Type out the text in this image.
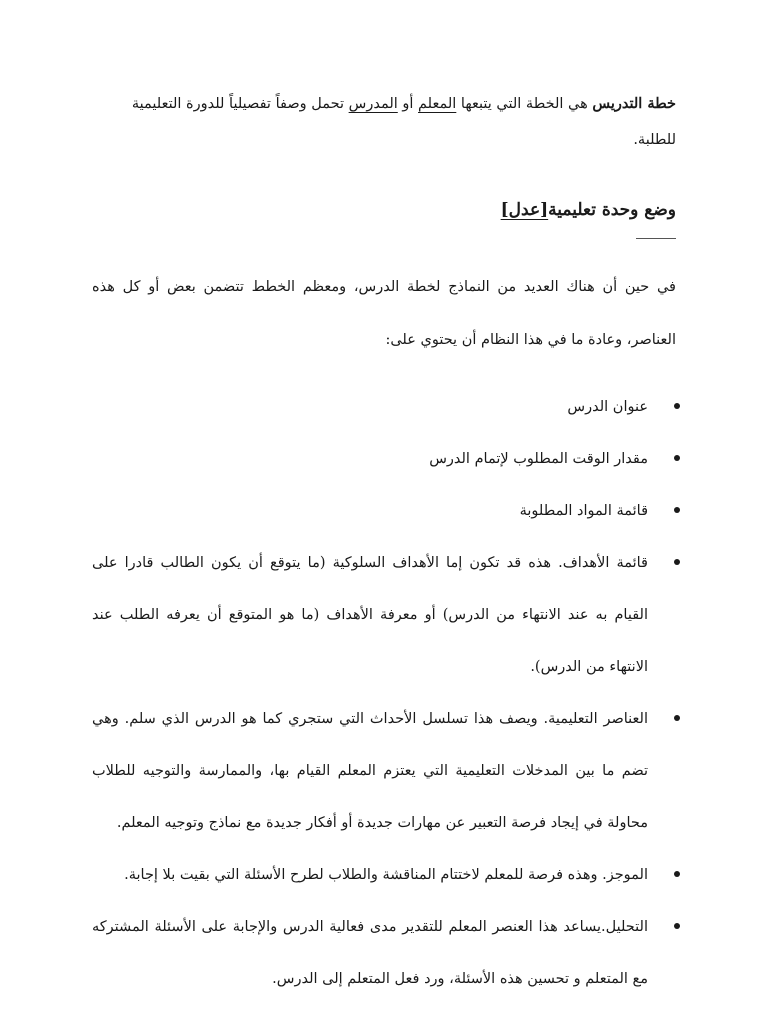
خطة التدريس هي الخطة التي يتبعها المعلم أو المدرس تحمل وصفاً تفصيلياً للدورة التعليمية للطلبة.

وضع وحدة تعليمية[عدل]
في حين أن هناك العديد من النماذج لخطة الدرس، ومعظم الخطط تتضمن بعض أو كل هذه العناصر، وعادة ما في هذا النظام أن يحتوي على:
عنوان الدرس
مقدار الوقت المطلوب لإتمام الدرس
قائمة المواد المطلوبة
قائمة الأهداف. هذه قد تكون إما الأهداف السلوكية (ما يتوقع أن يكون الطالب قادرا على القيام به عند الانتهاء من الدرس) أو معرفة الأهداف (ما هو المتوقع أن يعرفه الطلب عند الانتهاء من الدرس).
العناصر التعليمية. ويصف هذا تسلسل الأحداث التي ستجري كما هو الدرس الذي سلم. وهي تضم ما بين المدخلات التعليمية التي يعتزم المعلم القيام بها، والممارسة والتوجيه للطلاب محاولة في إيجاد فرصة التعبير عن مهارات جديدة أو أفكار جديدة مع نماذج وتوجيه المعلم.
الموجز. وهذه فرصة للمعلم لاختتام المناقشة والطلاب لطرح الأسئلة التي بقيت بلا إجابة.
التحليل.يساعد هذا العنصر المعلم للتقدير مدى فعالية الدرس والإجابة على الأسئلة المشترکه مع المتعلم و تحسين هذه الأسئلة، ورد فعل المتعلم إلى الدرس.
